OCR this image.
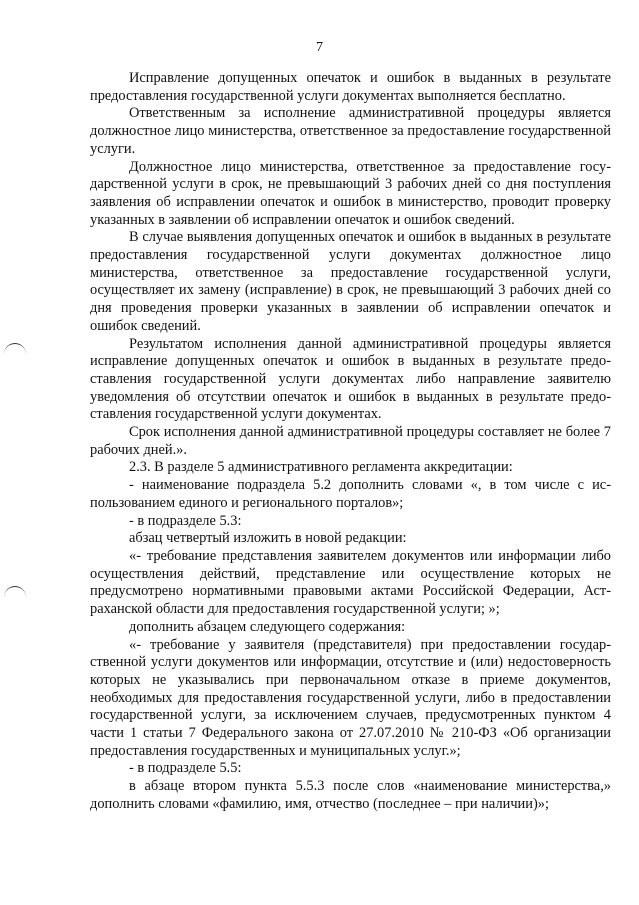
7

Исправление допущенных опечаток и ошибок в выданных в результате предоставления государственной услуги документах выполняется бесплатно.

Ответственным за исполнение административной процедуры является должностное лицо министерства, ответственное за предоставление государственной услуги.

Должностное лицо министерства, ответственное за предоставление государственной услуги в срок, не превышающий 3 рабочих дней со дня поступления заявления об исправлении опечаток и ошибок в министерство, проводит проверку указанных в заявлении об исправлении опечаток и ошибок сведений.

В случае выявления допущенных опечаток и ошибок в выданных в результате предоставления государственной услуги документах должностное лицо министерства, ответственное за предоставление государственной услуги, осуществляет их замену (исправление) в срок, не превышающий 3 рабочих дней со дня проведения проверки указанных в заявлении об исправлении опечаток и ошибок сведений.

Результатом исполнения данной административной процедуры является исправление допущенных опечаток и ошибок в выданных в результате предоставления государственной услуги документах либо направление заявителю уведомления об отсутствии опечаток и ошибок в выданных в результате предоставления государственной услуги документах.

Срок исполнения данной административной процедуры составляет не более 7 рабочих дней.».

2.3. В разделе 5 административного регламента аккредитации:

- наименование подраздела 5.2 дополнить словами «, в том числе с использованием единого и регионального порталов»;

- в подразделе 5.3:

абзац четвертый изложить в новой редакции:

«- требование представления заявителем документов или информации либо осуществления действий, представление или осуществление которых не предусмотрено нормативными правовыми актами Российской Федерации, Астраханской области для предоставления государственной услуги; »;

дополнить абзацем следующего содержания:

«- требование у заявителя (представителя) при предоставлении государственной услуги документов или информации, отсутствие и (или) недостоверность которых не указывались при первоначальном отказе в приеме документов, необходимых для предоставления государственной услуги, либо в предоставлении государственной услуги, за исключением случаев, предусмотренных пунктом 4 части 1 статьи 7 Федерального закона от 27.07.2010 № 210-ФЗ «Об организации предоставления государственных и муниципальных услуг.»;

- в подразделе 5.5:

в абзаце втором пункта 5.5.3 после слов «наименование министерства,» дополнить словами «фамилию, имя, отчество (последнее – при наличии)»;
